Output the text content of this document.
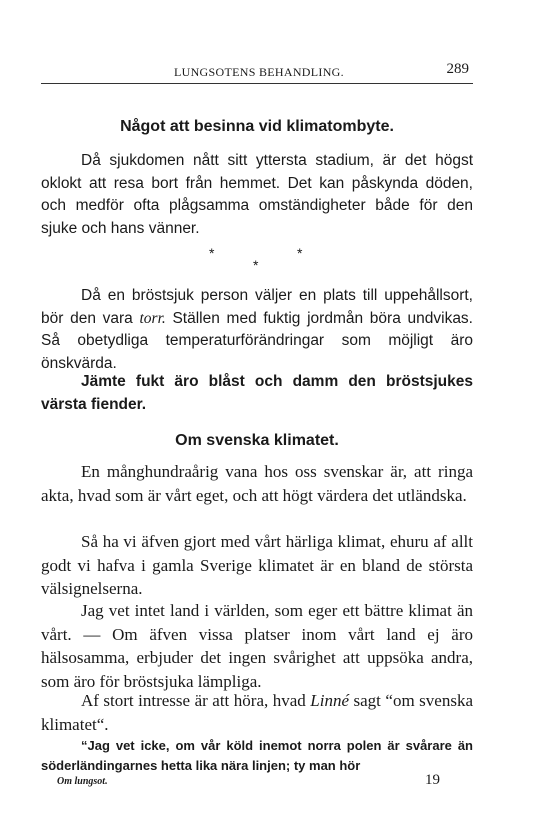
LUNGSOTENS BEHANDLING.	289
Något att besinna vid klimatombyte.

Då sjukdomen nått sitt yttersta stadium, är det högst oklokt att resa bort från hemmet. Det kan påskynda döden, och medför ofta plågsamma omständigheter både för den sjuke och hans vänner.

*	*
*

Då en bröstsjuk person väljer en plats till uppehållsort, bör den vara torr. Ställen med fuktig jordmån böra undvikas. Så obetydliga temperaturförändringar som möjligt äro önskvärda.

Jämte fukt äro blåst och damm den bröstsjukes värsta fiender.

Om svenska klimatet.

En månghundraårig vana hos oss svenskar är, att ringa akta, hvad som är vårt eget, och att högt värdera det utländska.

Så ha vi äfven gjort med vårt härliga klimat, ehuru af allt godt vi hafva i gamla Sverige klimatet är en bland de största välsignelserna.

Jag vet intet land i världen, som eger ett bättre klimat än vårt. — Om äfven vissa platser inom vårt land ej äro hälsosamma, erbjuder det ingen svårighet att uppsöka andra, som äro för bröstsjuka lämpliga.

Af stort intresse är att höra, hvad Linné sagt “om svenska klimatet“.

“Jag vet icke, om vår köld inemot norra polen är svårare än söderländingarnes hetta lika nära linjen; ty man hör

Om lungsot.	19
